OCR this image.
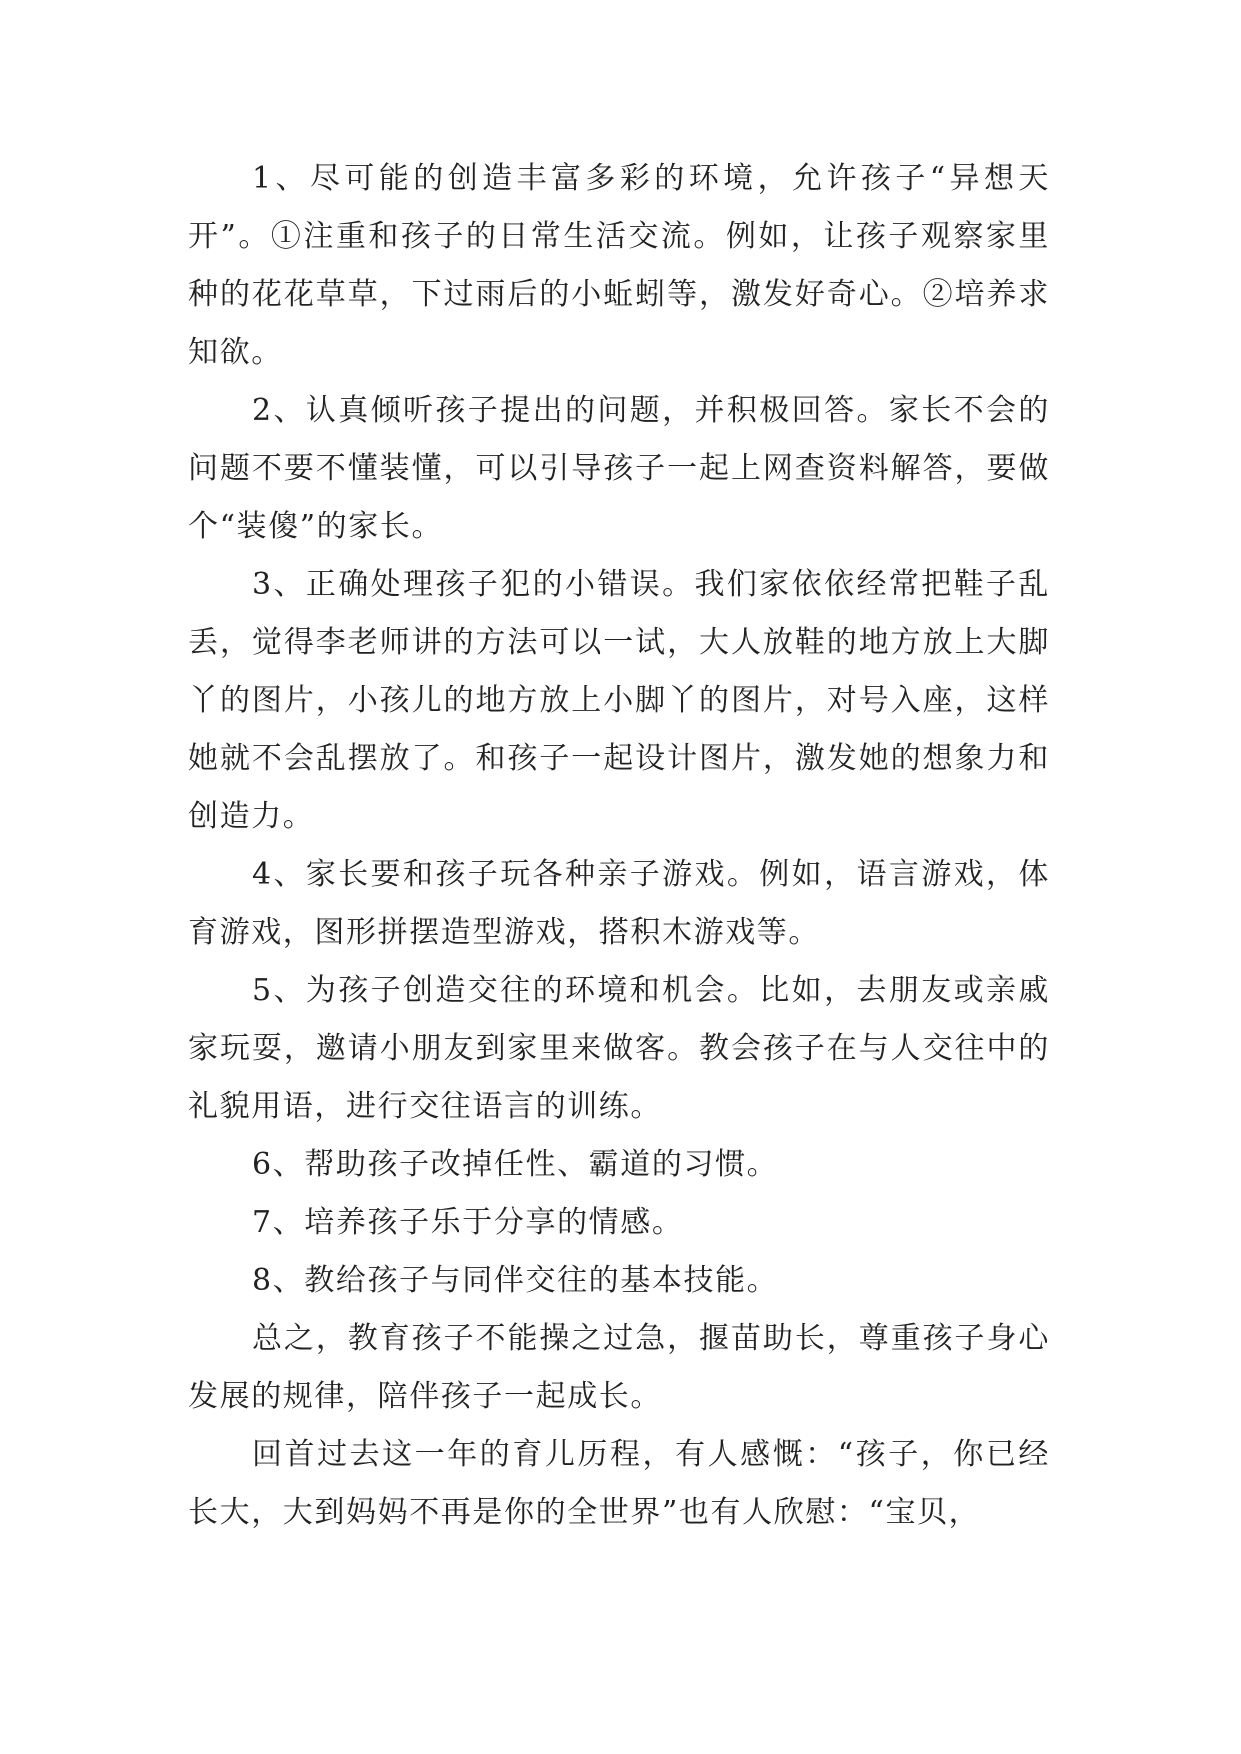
1、尽可能的创造丰富多彩的环境，允许孩子“异想天开”。①注重和孩子的日常生活交流。例如，让孩子观察家里种的花花草草，下过雨后的小蚯蚓等，激发好奇心。②培养求知欲。

2、认真倾听孩子提出的问题，并积极回答。家长不会的问题不要不懂装懂，可以引导孩子一起上网查资料解答，要做个“装傻”的家长。

3、正确处理孩子犯的小错误。我们家依依经常把鞋子乱丢，觉得李老师讲的方法可以一试，大人放鞋的地方放上大脚丫的图片，小孩儿的地方放上小脚丫的图片，对号入座，这样她就不会乱摆放了。和孩子一起设计图片，激发她的想象力和创造力。

4、家长要和孩子玩各种亲子游戏。例如，语言游戏，体育游戏，图形拼摆造型游戏，搭积木游戏等。

5、为孩子创造交往的环境和机会。比如，去朋友或亲戚家玩耍，邀请小朋友到家里来做客。教会孩子在与人交往中的礼貌用语，进行交往语言的训练。

6、帮助孩子改掉任性、霸道的习惯。

7、培养孩子乐于分享的情感。

8、教给孩子与同伴交往的基本技能。

总之，教育孩子不能操之过急，揠苗助长，尊重孩子身心发展的规律，陪伴孩子一起成长。

回首过去这一年的育儿历程，有人感慨：“孩子，你已经长大，大到妈妈不再是你的全世界”也有人欣慰：“宝贝，
